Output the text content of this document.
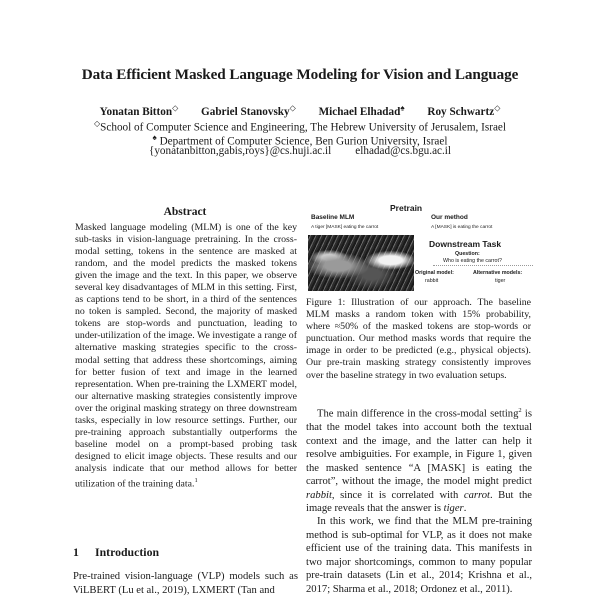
Data Efficient Masked Language Modeling for Vision and Language
Yonatan Bitton◇ Gabriel Stanovsky◇ Michael Elhadad♠ Roy Schwartz◇
◇School of Computer Science and Engineering, The Hebrew University of Jerusalem, Israel
♠ Department of Computer Science, Ben Gurion University, Israel
{yonatanbitton,gabis,roys}@cs.huji.ac.il elhadad@cs.bgu.ac.il
Abstract
Masked language modeling (MLM) is one of the key sub-tasks in vision-language pretraining. In the cross-modal setting, tokens in the sentence are masked at random, and the model predicts the masked tokens given the image and the text. In this paper, we observe several key disadvantages of MLM in this setting. First, as captions tend to be short, in a third of the sentences no token is sampled. Second, the majority of masked tokens are stop-words and punctuation, leading to under-utilization of the image. We investigate a range of alternative masking strategies specific to the cross-modal setting that address these shortcomings, aiming for better fusion of text and image in the learned representation. When pre-training the LXMERT model, our alternative masking strategies consistently improve over the original masking strategy on three downstream tasks, especially in low resource settings. Further, our pre-training approach substantially outperforms the baseline model on a prompt-based probing task designed to elicit image objects. These results and our analysis indicate that our method allows for better utilization of the training data.$^1$
1 Introduction
Pre-trained vision-language (VLP) models such as ViLBERT (Lu et al., 2019), LXMERT (Tan and
Pretrain
Baseline MLM
A tiger [MASK] eating the carrot
Our method
A [MASK] is eating the carrot
Downstream Task
Question:
Who is eating the carrot?
Original model:
rabbit
Alternative models:
tiger
Figure 1: Illustration of our approach. The baseline MLM masks a random token with 15% probability, where ≈50% of the masked tokens are stop-words or punctuation. Our method masks words that require the image in order to be predicted (e.g., physical objects). Our pre-train masking strategy consistently improves over the baseline strategy in two evaluation setups.
The main difference in the cross-modal setting$^2$ is that the model takes into account both the textual context and the image, and the latter can help it resolve ambiguities. For example, in Figure 1, given the masked sentence “A [MASK] is eating the carrot”, without the image, the model might predict rabbit, since it is correlated with carrot. But the image reveals that the answer is tiger.
In this work, we find that the MLM pre-training method is sub-optimal for VLP, as it does not make efficient use of the training data. This manifests in two major shortcomings, common to many popular pre-train datasets (Lin et al., 2014; Krishna et al., 2017; Sharma et al., 2018; Ordonez et al., 2011).
